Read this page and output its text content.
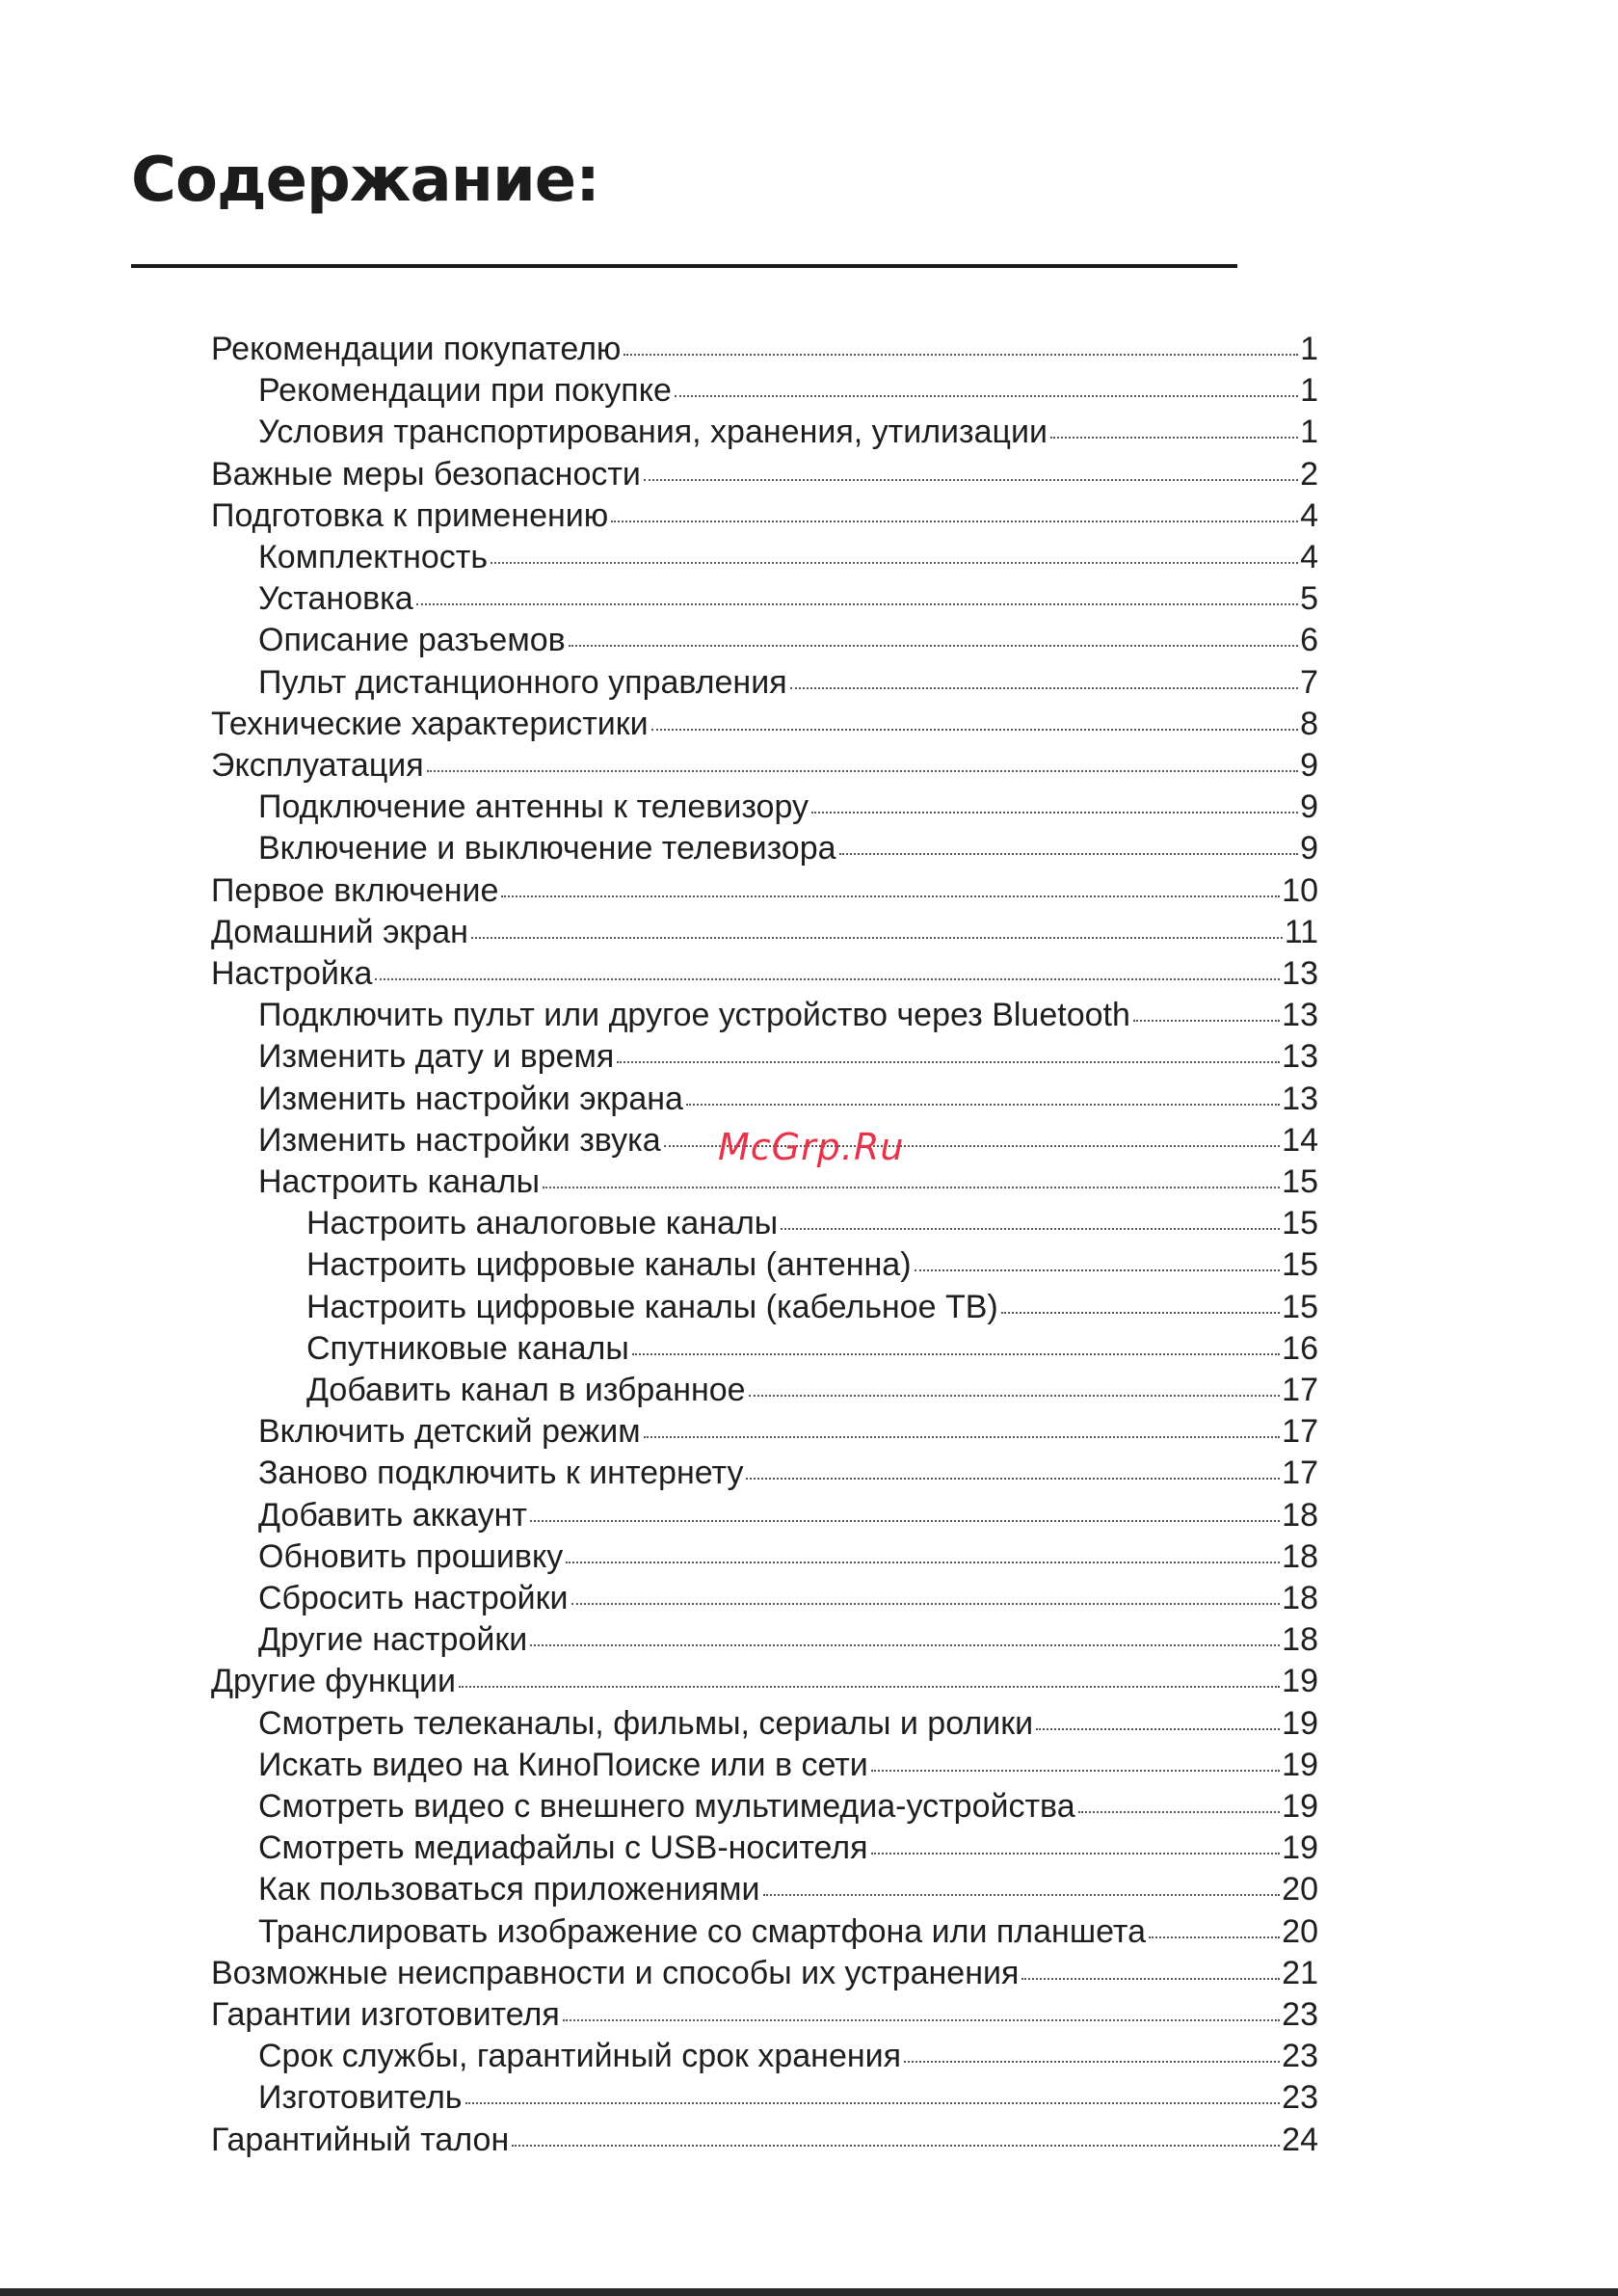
Содержание:
Рекомендации покупателю	1
Рекомендации при покупке	1
Условия транспортирования, хранения, утилизации	1
Важные меры безопасности	2
Подготовка к применению	4
Комплектность	4
Установка	5
Описание разъемов	6
Пульт дистанционного управления	7
Технические характеристики	8
Эксплуатация	9
Подключение антенны к телевизору	9
Включение и выключение телевизора	9
Первое включение	10
Домашний экран	11
Настройка	13
Подключить пульт или другое устройство через Bluetooth	13
Изменить дату и время	13
Изменить настройки экрана	13
Изменить настройки звука	14
Настроить каналы	15
Настроить аналоговые каналы	15
Настроить цифровые каналы (антенна)	15
Настроить цифровые каналы (кабельное ТВ)	15
Спутниковые каналы	16
Добавить канал в избранное	17
Включить детский режим	17
Заново подключить к интернету	17
Добавить аккаунт	18
Обновить прошивку	18
Сбросить настройки	18
Другие настройки	18
Другие функции	19
Смотреть телеканалы, фильмы, сериалы и ролики	19
Искать видео на КиноПоиске или в сети	19
Смотреть видео с внешнего мультимедиа-устройства	19
Смотреть медиафайлы с USB-носителя	19
Как пользоваться приложениями	20
Транслировать изображение со смартфона или планшета	20
Возможные неисправности и способы их устранения	21
Гарантии изготовителя	23
Срок службы, гарантийный срок хранения	23
Изготовитель	23
Гарантийный талон	24
McGrp.Ru
